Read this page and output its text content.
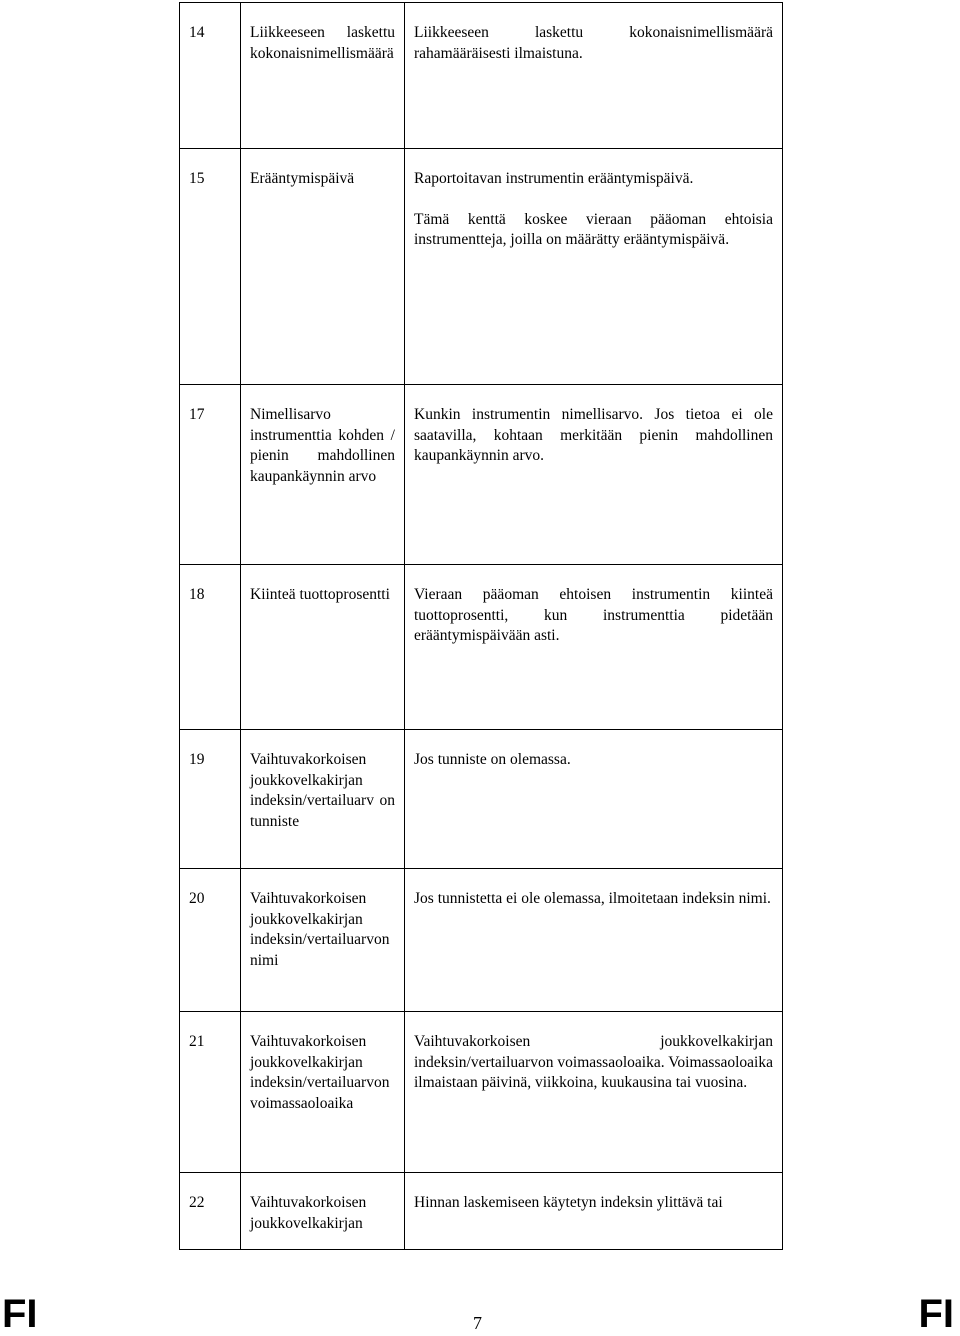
14	Liikkeeseen laskettu kokonaisnimellismäärä	Liikkeeseen laskettu kokonaisnimellismäärä rahamääräisesti ilmaistuna.

15	Erääntymispäivä	Raportoitavan instrumentin erääntymispäivä.

Tämä kenttä koskee vieraan pääoman ehtoisia instrumentteja, joilla on määrätty erääntymispäivä.

17	Nimellisarvo instrumenttia kohden / pienin mahdollinen kaupankäynnin arvo	Kunkin instrumentin nimellisarvo. Jos tietoa ei ole saatavilla, kohtaan merkitään pienin mahdollinen kaupankäynnin arvo.

18	Kiinteä tuottoprosentti	Vieraan pääoman ehtoisen instrumentin kiinteä tuottoprosentti, kun instrumenttia pidetään erääntymispäivään asti.

19	Vaihtuvakorkoisen joukkovelkakirjan indeksin/vertailuarv on tunniste	Jos tunniste on olemassa.

20	Vaihtuvakorkoisen joukkovelkakirjan indeksin/vertailuarvon nimi	Jos tunnistetta ei ole olemassa, ilmoitetaan indeksin nimi.

21	Vaihtuvakorkoisen joukkovelkakirjan indeksin/vertailuarvon voimassaoloaika	Vaihtuvakorkoisen joukkovelkakirjan indeksin/vertailuarvon voimassaoloaika. Voimassaoloaika ilmaistaan päivinä, viikkoina, kuukausina tai vuosina.

22	Vaihtuvakorkoisen joukkovelkakirjan	Hinnan laskemiseen käytetyn indeksin ylittävä tai

FI	7	FI
